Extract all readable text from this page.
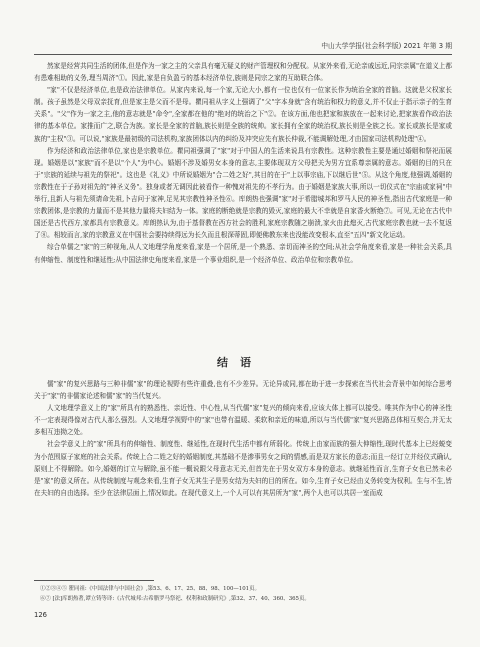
中山大学学报(社会科学版) 2021 年第 3 期

然家是经营共同生活的团体,但是作为一家之主的父亲具有毫无疑义的财产管理权和分配权。从家外来看,无论亲戚远近,同宗亲属"在道义上都有患难相助的义务,理当周济"①。因此,家是自负盈亏的基本经济单位,族则是同宗之家的互助联合体。

"家"不仅是经济单位,也是政治法律单位。从家内来说,每一个家,无论大小,都有一位也仅有一位家长作为统治全家的首脑。这就是父权家长制。孩子虽然是父母双亲抚育,但是家主是父而不是母。瞿同祖从字义上强调了"父"字本身就"含有统治和权力的意义,并不仅止于指示亲子的生育关系"。"父"作为一家之主,他的意志就是"命令",全家都在他的"绝对的统治之下"②。在该方面,他也把家和族放在一起来讨论,把家族看作政治法律的基本单位。家推而广之,联合为族。家长是全家的首脑,族长则是全族的统帅。家长拥有全家的统治权,族长则是全族之长。家长或族长是家或族的"主权"③。可以说,"家族是最初级的司法机构,家族团体以内的纠纷及冲突应先有族长仲裁,不能调解处理,才由国家司法机构处理"④。

作为经济和政治法律单位,家也是宗教单位。瞿同祖强调了"家"对于中国人的生活来说具有宗教性。这种宗教性主要是通过婚姻和祭祀而展现。婚姻是以"家族"而不是以"个人"为中心。婚姻不涉及婚男女本身的意志,主要体现双方父母把关为男方宜系尊亲属的意志。婚姻的目的只在于"宗族的延续与祖先的祭祀"。这也是《礼义》中所说婚姻为"合二姓之好",其目的在于"上以事宗庙,下以继后世"⑤。从这个角度,他强调,婚姻的宗教性在于子孙对祖先的"神圣义务"。独身或者无调因此被看作一种愧对祖先的不孝行为。由于婚姻是家族大事,所以一切仪式在"宗庙或家祠"中举行,且新人与祖先须请命先祖,卜吉问于家神,足见其宗教性神圣性⑥。库朗热也强调"家"对于希腊城邦和罗马人民的神圣性,指出古代家庭是一种宗教团体,是宗教的力量而不是其他力量将夫妇结为一体。家庭的断绝就是宗教的毁灭,家庭的最大不幸就是自家香火断绝⑦。可见,无论在古代中国还是古代西方,家都具有宗教意义。库朗热认为,由于基督教在西方社会的胜利,家庭宗教随之崩溃,家火由此熄灭,古代家庭宗教也就一去不复返了⑧。相较而言,家的宗教意义在中国社会要持续得远为长久而且根深蒂固,即便佛教东来也没能改变根本,直至"五四"新文化运动。

综合单儒之"家"的三种视角,从人文地理学角度来看,家是一个居所,是一个熟悉、亲切而神圣的空间;从社会学角度来看,家是一种社会关系,具有伸缩性、制度性和继延性;从中国法律史角度来看,家是一个事业组织,是一个经济单位、政治单位和宗教单位。

结语

儒"家"的复兴思路与三种非儒"家"的理论视野有些许重叠,也有不少差异。无论异或同,都在助于进一步探索在当代社会背景中如何综合思考关于"家"的非儒家论述和儒"家"的当代复兴。

人文地理学意义上的"家"所具有的熟悉性、亲近性、中心性,从当代儒"家"复兴的倾向来看,应该大体上都可以接受。唯其作为中心的神圣性不一定表现得像对古代人那么强烈。人文地理学视野中的"家"也带有温暖、柔软和亲近的味道,所以与当代儒"家"复兴思路总体相互契合,并无太多相互违拗之处。

社会学意义上的"家"所具有的伸缩性、制度性、继延性,在现时代生活中都有所弱化。传统上由家而族的强大伸缩性,现时代基本上已经蜕变为小范围原子家庭的社会关系。传统上合二姓之好的婚姻制度,其基础不是渗事男女之间的情感,而是双方家长的意志;而且一经订立并经仪式确认,原则上不得解除。如今,婚姻的订立与解除,虽不能一概说跟父母意志无关,但首先在于男女双方本身的意志。就继延性而言,生育子女也已然未必是"家"的意义所在。从传统制度与观念来看,生育子女无其生子是男女结为夫妇的目的所在。如今,生育子女已经由义务转变为权利。生与不生,皆在夫妇的自由选择。至少在法律层面上,情况如此。在现代意义上,一个人可以有其居所为"家",两个人也可以共居一室而成

①②③④⑤ 瞿同祖:《中国法律与中国社会》,第53、6、17、25、88、98、100—101页。
⑥⑦ [法]库朗热著,谭立铸等译:《古代城邦:古希腊罗马祭祀、权利和政制研究》,第32、37、40、360、365页。
126
